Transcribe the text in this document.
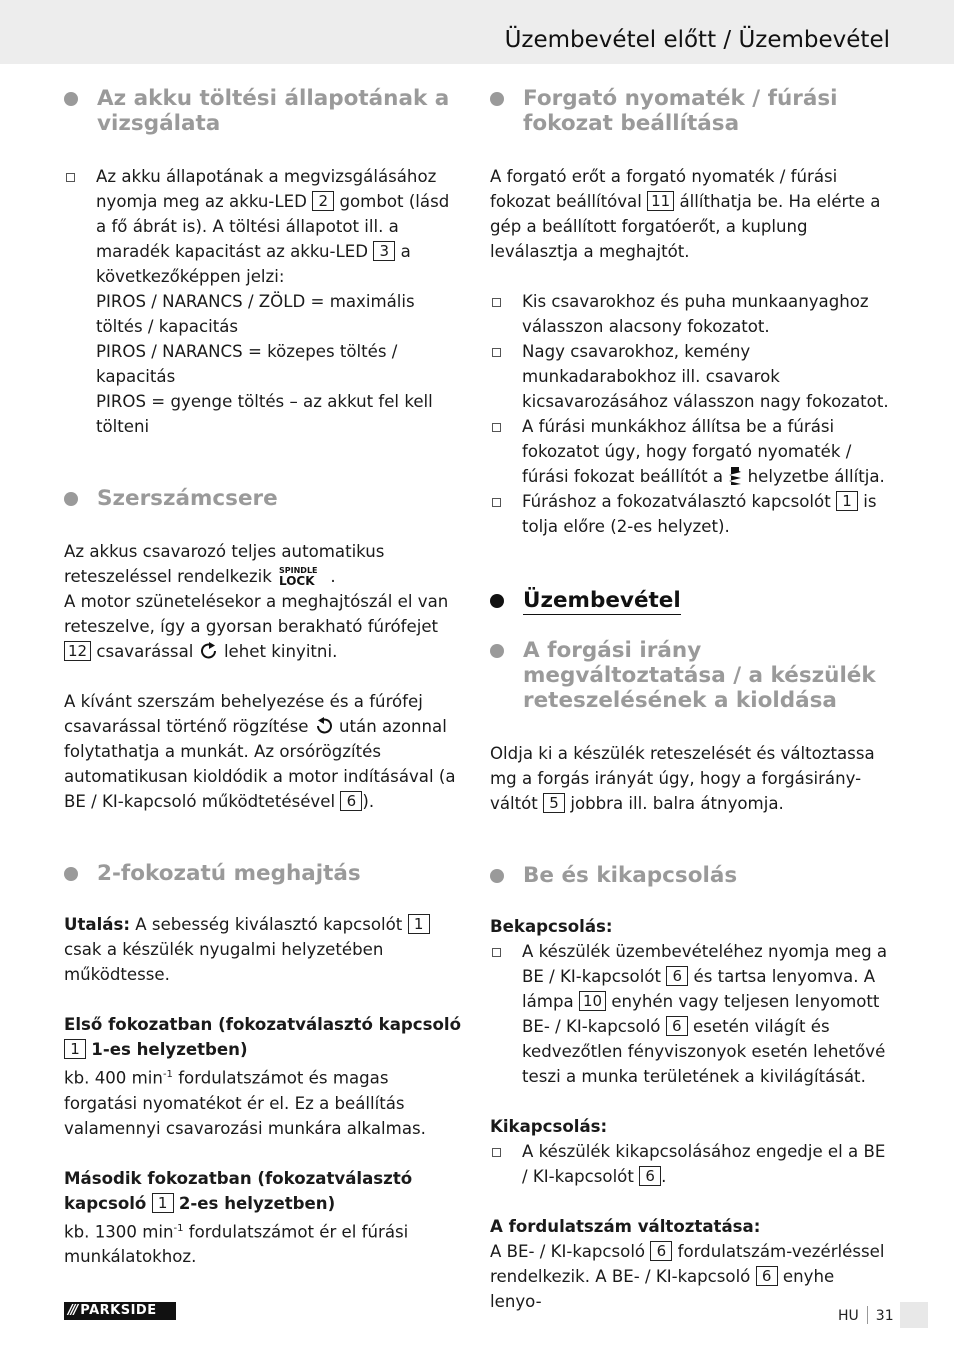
Üzembevétel előtt / Üzembevétel
Az akku töltési állapotának a vizsgálata
Az akku állapotának a megvizsgálásához nyomja meg az akku-LED 2 gombot (lásd a fő ábrát is). A töltési állapotot ill. a maradék kapacitást az akku-LED 3 a következőképpen jelzi:
PIROS / NARANCS / ZÖLD = maximális töltés / kapacitás
PIROS / NARANCS = közepes töltés / kapacitás
PIROS = gyenge töltés – az akkut fel kell tölteni
Szerszámcsere
Az akkus csavarozó teljes automatikus reteszeléssel rendelkezik SPINDLE
LOCK .
A motor szünetelésekor a meghajtószál el van reteszelve, így a gyorsan berakható fúrófejet 12 csavarással lehet kinyitni.
A kívánt szerszám behelyezése és a fúrófej csavarással történő rögzítése után azonnal folytathatja a munkát. Az orsórögzítés automatikusan kioldódik a motor indításával (a BE / KI-kapcsoló működtetésével 6 ).
2-fokozatú meghajtás
Utalás: A sebesség kiválasztó kapcsolót 1 csak a készülék nyugalmi helyzetében működtesse.
Első fokozatban (fokozatválasztó kapcsoló 1 1-es helyzetben)
kb. 400 $\min^{-1}$ fordulatszámot és magas forgatási nyomatékot ér el. Ez a beállítás valamennyi csavarozási munkára alkalmas.
Második fokozatban (fokozatválasztó kapcsoló 1 2-es helyzetben)
kb. 1300 $\min^{-1}$ fordulatszámot ér el fúrási munkálatokhoz.
Forgató nyomaték / fúrási fokozat beállítása
A forgató erőt a forgató nyomaték / fúrási fokozat beállítóval 11 állíthatja be. Ha elérte a gép a beállított forgatóerőt, a kuplung leválasztja a meghajtót.
Kis csavarokhoz és puha munkaanyaghoz válasszon alacsony fokozatot.
Nagy csavarokhoz, kemény munkadarabokhoz ill. csavarok kicsavarozásához válasszon nagy fokozatot.
A fúrási munkákhoz állítsa be a fúrási fokozatot úgy, hogy forgató nyomaték / fúrási fokozat beállítót a helyzetbe állítja.
Fúráshoz a fokozatválasztó kapcsolót 1 is tolja előre (2-es helyzet).
Üzembevétel
A forgási irány megváltoztatása / a készülék reteszelésének a kioldása
Oldja ki a készülék reteszelését és változtassa mg a forgás irányát úgy, hogy a forgásirány-váltót 5 jobbra ill. balra átnyomja.
Be és kikapcsolás
Bekapcsolás:
A készülék üzembevételéhez nyomja meg a BE / KI-kapcsolót 6 és tartsa lenyomva. A lámpa 10 enyhén vagy teljesen lenyomott BE- / KI-kapcsoló 6 esetén világít és kedvezőtlen fényviszonyok esetén lehetővé teszi a munka területének a kivilágítását.
Kikapcsolás:
A készülék kikapcsolásához engedje el a BE / KI-kapcsolót 6 .
A fordulatszám változtatása:
A BE- / KI-kapcsoló 6 fordulatszám-vezérléssel rendelkezik. A BE- / KI-kapcsoló 6 enyhe lenyo-
/// PARKSIDE	HU 31
